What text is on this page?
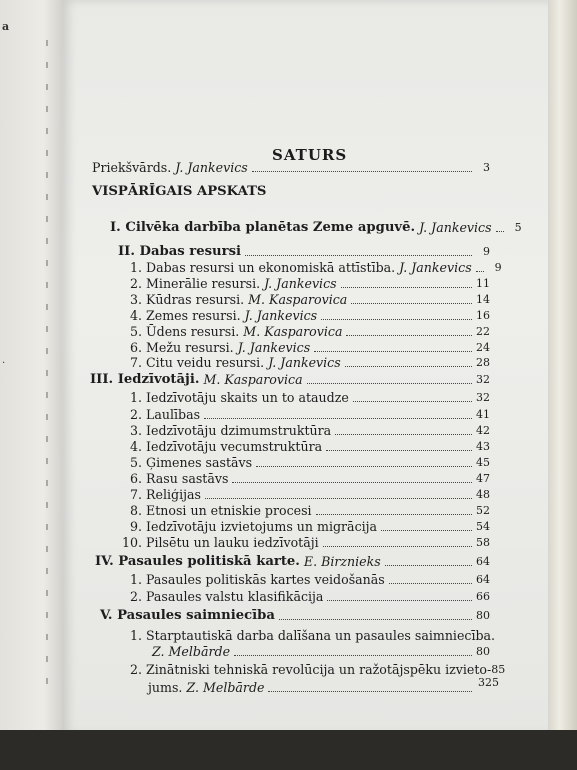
a
.
SATURS
Priekšvārds. J. Jankevics	3
VISPĀRĪGAIS APSKATS
I. Cilvēka darbība planētas Zeme apguvē. J. Jankevics	5
II. Dabas resursi	9
1. Dabas resursi un ekonomiskā attīstība. J. Jankevics	9
2. Minerālie resursi. J. Jankevics	11
3. Kūdras resursi. M. Kasparovica	14
4. Zemes resursi. J. Jankevics	16
5. Ūdens resursi. M. Kasparovica	22
6. Mežu resursi. J. Jankevics	24
7. Citu veidu resursi. J. Jankevics	28
III. Iedzīvotāji. M. Kasparovica	32
1. Iedzīvotāju skaits un to ataudze	32
2. Laulības	41
3. Iedzīvotāju dzimumstruktūra	42
4. Iedzīvotāju vecumstruktūra	43
5. Ģimenes sastāvs	45
6. Rasu sastāvs	47
7. Reliģijas	48
8. Etnosi un etniskie procesi	52
9. Iedzīvotāju izvietojums un migrācija	54
10. Pilsētu un lauku iedzīvotāji	58
IV. Pasaules politiskā karte. E. Birznieks	64
1. Pasaules politiskās kartes veidošanās	64
2. Pasaules valstu klasifikācija	66
V. Pasaules saimniecība	80
1. Starptautiskā darba dalīšana un pasaules saimniecība.
Z. Melbārde	80
2. Zinātniski tehniskā revolūcija un ražotājspēku izvieto- 85
jums. Z. Melbārde	325
